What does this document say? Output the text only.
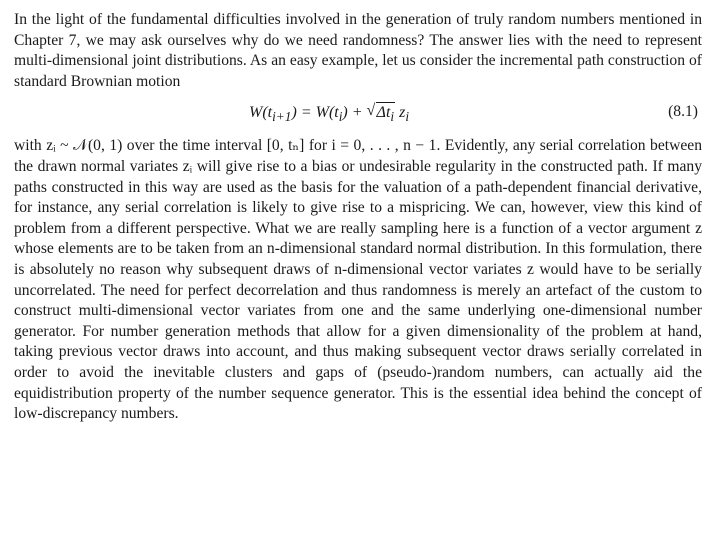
In the light of the fundamental difficulties involved in the generation of truly random numbers mentioned in Chapter 7, we may ask ourselves why do we need randomness? The answer lies with the need to represent multi-dimensional joint distributions. As an easy example, let us consider the incremental path construction of standard Brownian motion

$W(t_{i+1}) = W(t_i)$ + √ $\Delta t_i$ $z_i$	(8.1)

with zᵢ ~ 𝒩(0, 1) over the time interval [0, tₙ] for i = 0, . . . , n − 1. Evidently, any serial correlation between the drawn normal variates zᵢ will give rise to a bias or undesirable regularity in the constructed path. If many paths constructed in this way are used as the basis for the valuation of a path-dependent financial derivative, for instance, any serial correlation is likely to give rise to a mispricing. We can, however, view this kind of problem from a different perspective. What we are really sampling here is a function of a vector argument z whose elements are to be taken from an n-dimensional standard normal distribution. In this formulation, there is absolutely no reason why subsequent draws of n-dimensional vector variates z would have to be serially uncorrelated. The need for perfect decorrelation and thus randomness is merely an artefact of the custom to construct multi-dimensional vector variates from one and the same underlying one-dimensional number generator. For number generation methods that allow for a given dimensionality of the problem at hand, taking previous vector draws into account, and thus making subsequent vector draws serially correlated in order to avoid the inevitable clusters and gaps of (pseudo-)random numbers, can actually aid the equidistribution property of the number sequence generator. This is the essential idea behind the concept of low-discrepancy numbers.
